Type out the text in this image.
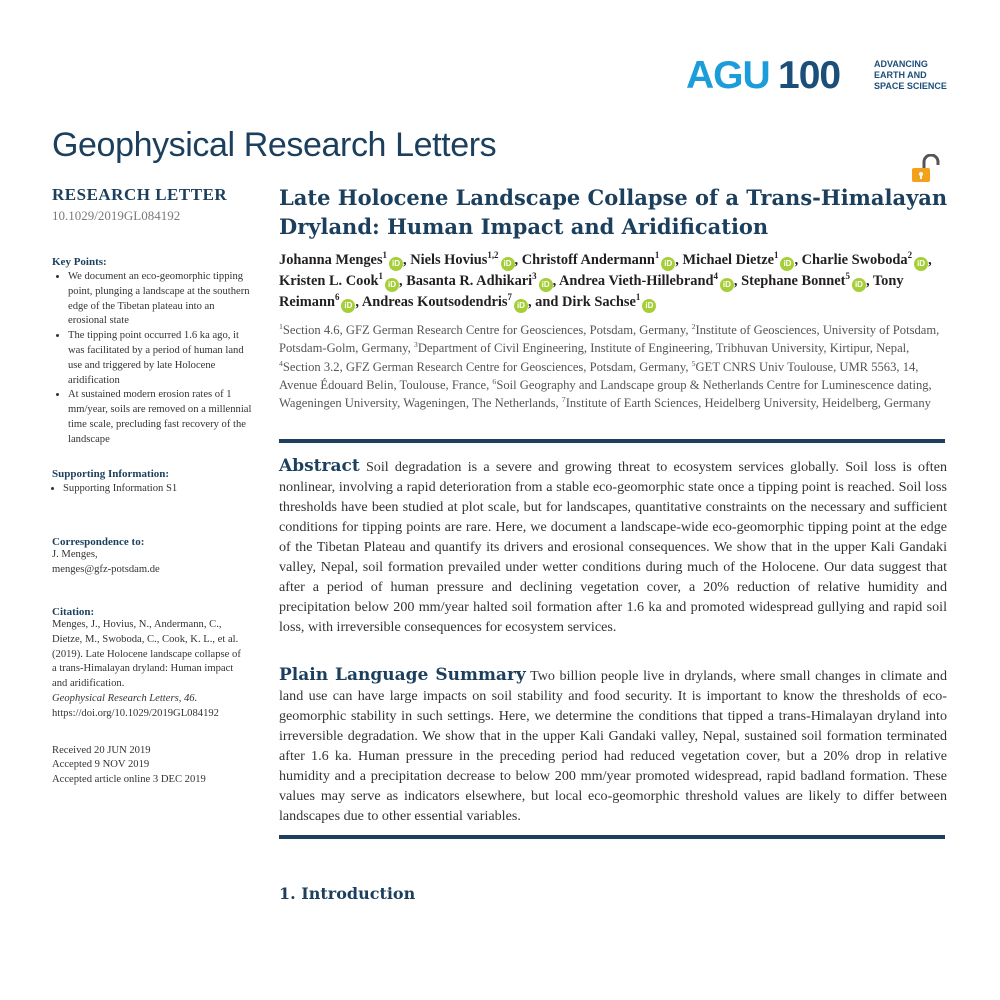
AGU 100	ADVANCING
EARTH AND
SPACE SCIENCE
Geophysical Research Letters
RESEARCH LETTER
10.1029/2019GL084192
Key Points:
• We document an eco-geomorphic tipping point, plunging a landscape at the southern edge of the Tibetan plateau into an erosional state
• The tipping point occurred 1.6 ka ago, it was facilitated by a period of human land use and triggered by late Holocene aridification
• At sustained modern erosion rates of 1 mm/year, soils are removed on a millennial time scale, precluding fast recovery of the landscape
Supporting Information:
• Supporting Information S1
Correspondence to:
J. Menges,
menges@gfz-potsdam.de
Citation:
Menges, J., Hovius, N., Andermann, C., Dietze, M., Swoboda, C., Cook, K. L., et al. (2019). Late Holocene landscape collapse of a trans-Himalayan dryland: Human impact and aridification.
Geophysical Research Letters, 46.
https://doi.org/10.1029/2019GL084192
Received 20 JUN 2019
Accepted 9 NOV 2019
Accepted article online 3 DEC 2019
Late Holocene Landscape Collapse of a Trans-Himalayan Dryland: Human Impact and Aridification
Johanna Menges$^1$iD , Niels Hovius$^{1,2}$iD , Christoff Andermann$^1$iD , Michael Dietze$^1$iD , Charlie Swoboda$^2$iD , Kristen L. Cook$^1$iD , Basanta R. Adhikari$^3$iD , Andrea Vieth-Hillebrand$^4$iD , Stephane Bonnet$^5$iD , Tony Reimann$^6$iD , Andreas Koutsodendris$^7$iD , and Dirk Sachse$^1$iD
$^1$Section 4.6, GFZ German Research Centre for Geosciences, Potsdam, Germany, $^2$Institute of Geosciences, University of Potsdam, Potsdam-Golm, Germany, $^3$Department of Civil Engineering, Institute of Engineering, Tribhuvan University, Kirtipur, Nepal, $^4$Section 3.2, GFZ German Research Centre for Geosciences, Potsdam, Germany, $^5$GET CNRS Univ Toulouse, UMR 5563, 14, Avenue Édouard Belin, Toulouse, France, $^6$Soil Geography and Landscape group & Netherlands Centre for Luminescence dating, Wageningen University, Wageningen, The Netherlands, $^7$Institute of Earth Sciences, Heidelberg University, Heidelberg, Germany
Abstract Soil degradation is a severe and growing threat to ecosystem services globally. Soil loss is often nonlinear, involving a rapid deterioration from a stable eco-geomorphic state once a tipping point is reached. Soil loss thresholds have been studied at plot scale, but for landscapes, quantitative constraints on the necessary and sufficient conditions for tipping points are rare. Here, we document a landscape-wide eco-geomorphic tipping point at the edge of the Tibetan Plateau and quantify its drivers and erosional consequences. We show that in the upper Kali Gandaki valley, Nepal, soil formation prevailed under wetter conditions during much of the Holocene. Our data suggest that after a period of human pressure and declining vegetation cover, a 20% reduction of relative humidity and precipitation below 200 mm/year halted soil formation after 1.6 ka and promoted widespread gullying and rapid soil loss, with irreversible consequences for ecosystem services.
Plain Language Summary Two billion people live in drylands, where small changes in climate and land use can have large impacts on soil stability and food security. It is important to know the thresholds of eco-geomorphic stability in such settings. Here, we determine the conditions that tipped a trans-Himalayan dryland into irreversible degradation. We show that in the upper Kali Gandaki valley, Nepal, sustained soil formation terminated after 1.6 ka. Human pressure in the preceding period had reduced vegetation cover, but a 20% drop in relative humidity and a precipitation decrease to below 200 mm/year promoted widespread, rapid badland formation. These values may serve as indicators elsewhere, but local eco-geomorphic threshold values are likely to differ between landscapes due to other essential variables.
1. Introduction
